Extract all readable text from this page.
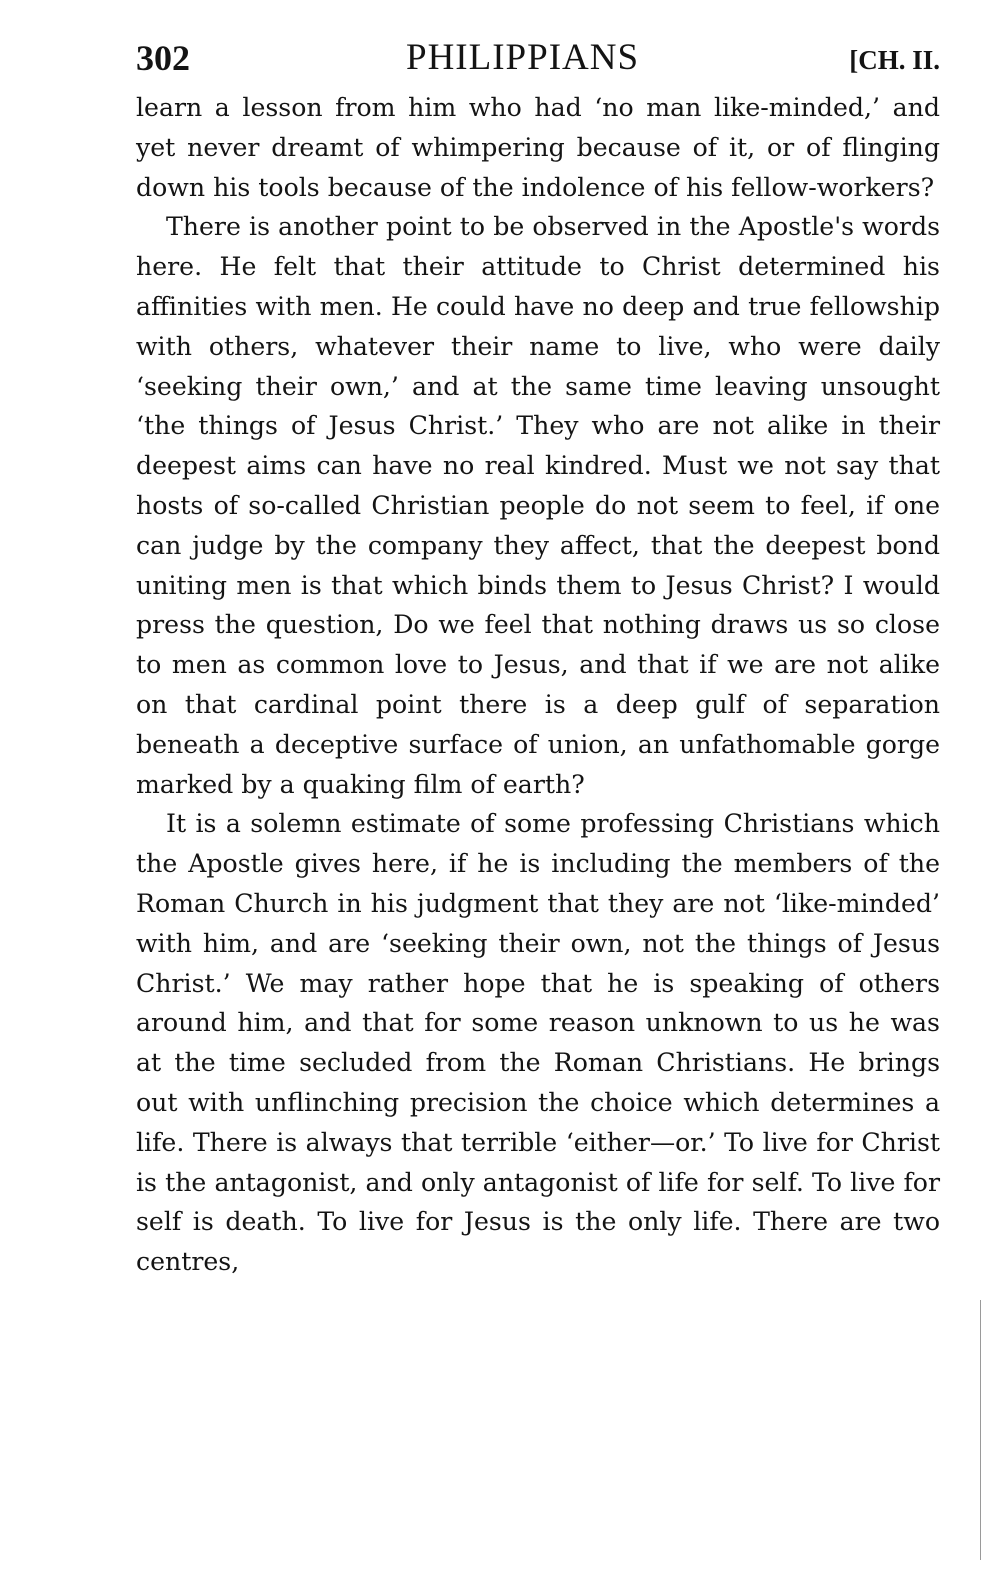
302	PHILIPPIANS	[CH. II.

learn a lesson from him who had ‘no man like-minded,’ and yet never dreamt of whimpering because of it, or of flinging down his tools because of the indolence of his fellow-workers?

There is another point to be observed in the Apostle's words here. He felt that their attitude to Christ determined his affinities with men. He could have no deep and true fellowship with others, whatever their name to live, who were daily ‘seeking their own,’ and at the same time leaving unsought ‘the things of Jesus Christ.’ They who are not alike in their deepest aims can have no real kindred. Must we not say that hosts of so-called Christian people do not seem to feel, if one can judge by the company they affect, that the deepest bond uniting men is that which binds them to Jesus Christ? I would press the question, Do we feel that nothing draws us so close to men as common love to Jesus, and that if we are not alike on that cardinal point there is a deep gulf of separation beneath a deceptive surface of union, an unfathomable gorge marked by a quaking film of earth?

It is a solemn estimate of some professing Christians which the Apostle gives here, if he is including the members of the Roman Church in his judgment that they are not ‘like-minded’ with him, and are ‘seeking their own, not the things of Jesus Christ.’ We may rather hope that he is speaking of others around him, and that for some reason unknown to us he was at the time secluded from the Roman Christians. He brings out with unflinching precision the choice which determines a life. There is always that terrible ‘either—or.’ To live for Christ is the antagonist, and only antagonist of life for self. To live for self is death. To live for Jesus is the only life. There are two centres,
